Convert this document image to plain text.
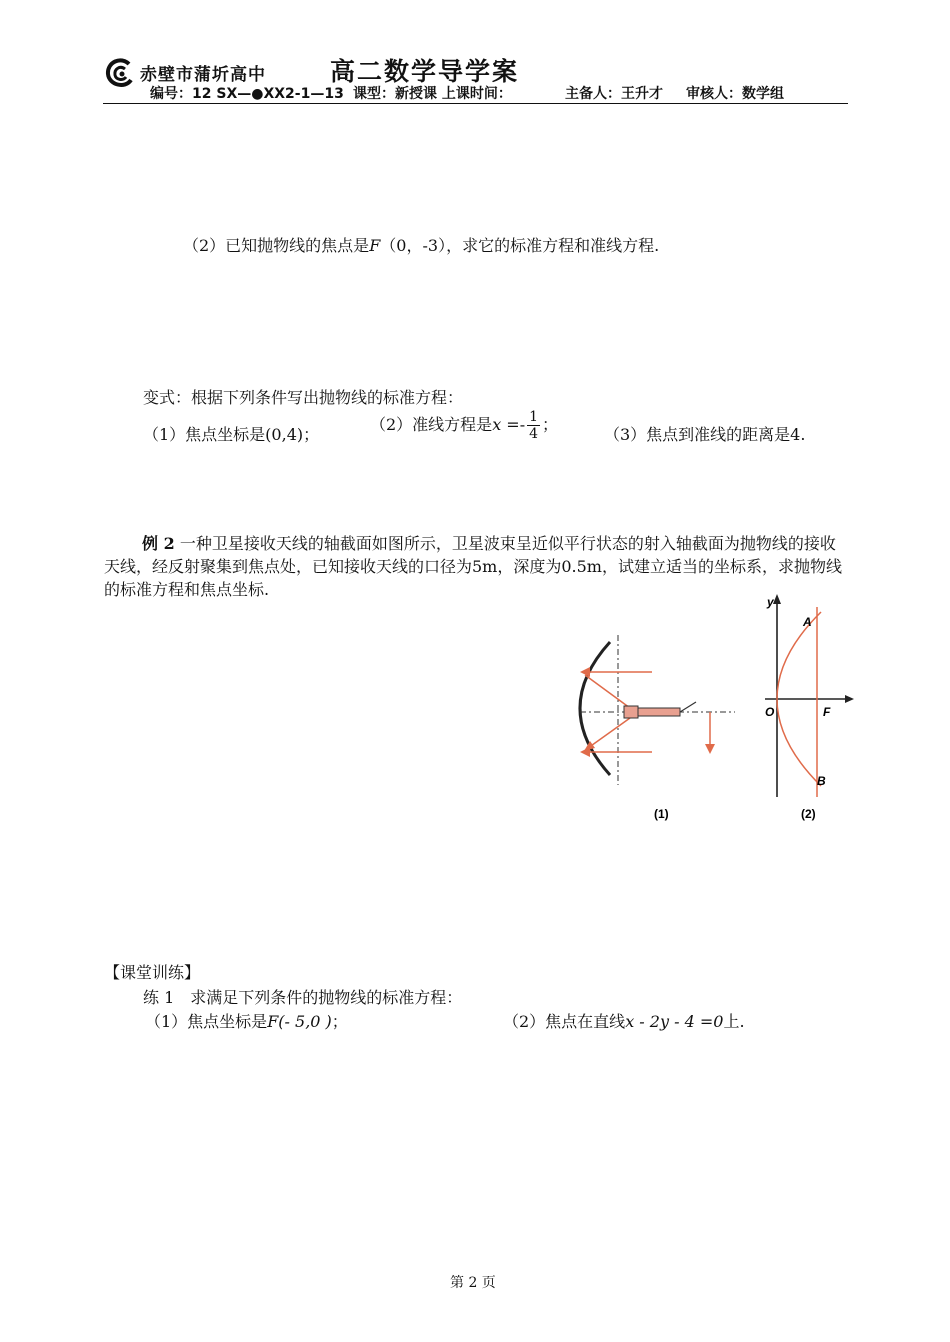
赤壁市蒲圻高中	高二数学导学案
编号：12 SX—●XX2-1—13 课型：新授课 上课时间：	主备人：王升才 审核人：数学组
（2）已知抛物线的焦点是F（0，-3），求它的标准方程和准线方程.
变式：根据下列条件写出抛物线的标准方程：
（1）焦点坐标是(0,4)；
（2）准线方程是$x =- \frac{1}{4}$ ；
（3）焦点到准线的距离是4.
例 2 一种卫星接收天线的轴截面如图所示，卫星波束呈近似平行状态的射入轴截面为抛物线的接收天线，经反射聚集到焦点处，已知接收天线的口径为5m，深度为0.5m，试建立适当的坐标系，求抛物线的标准方程和焦点坐标.
(1)
y
A
O	F
B
(2)
【课堂训练】
练 1　求满足下列条件的抛物线的标准方程：
（1）焦点坐标是F(- 5,0 )；	（2）焦点在直线x - 2y - 4 =0上.
第 2 页
